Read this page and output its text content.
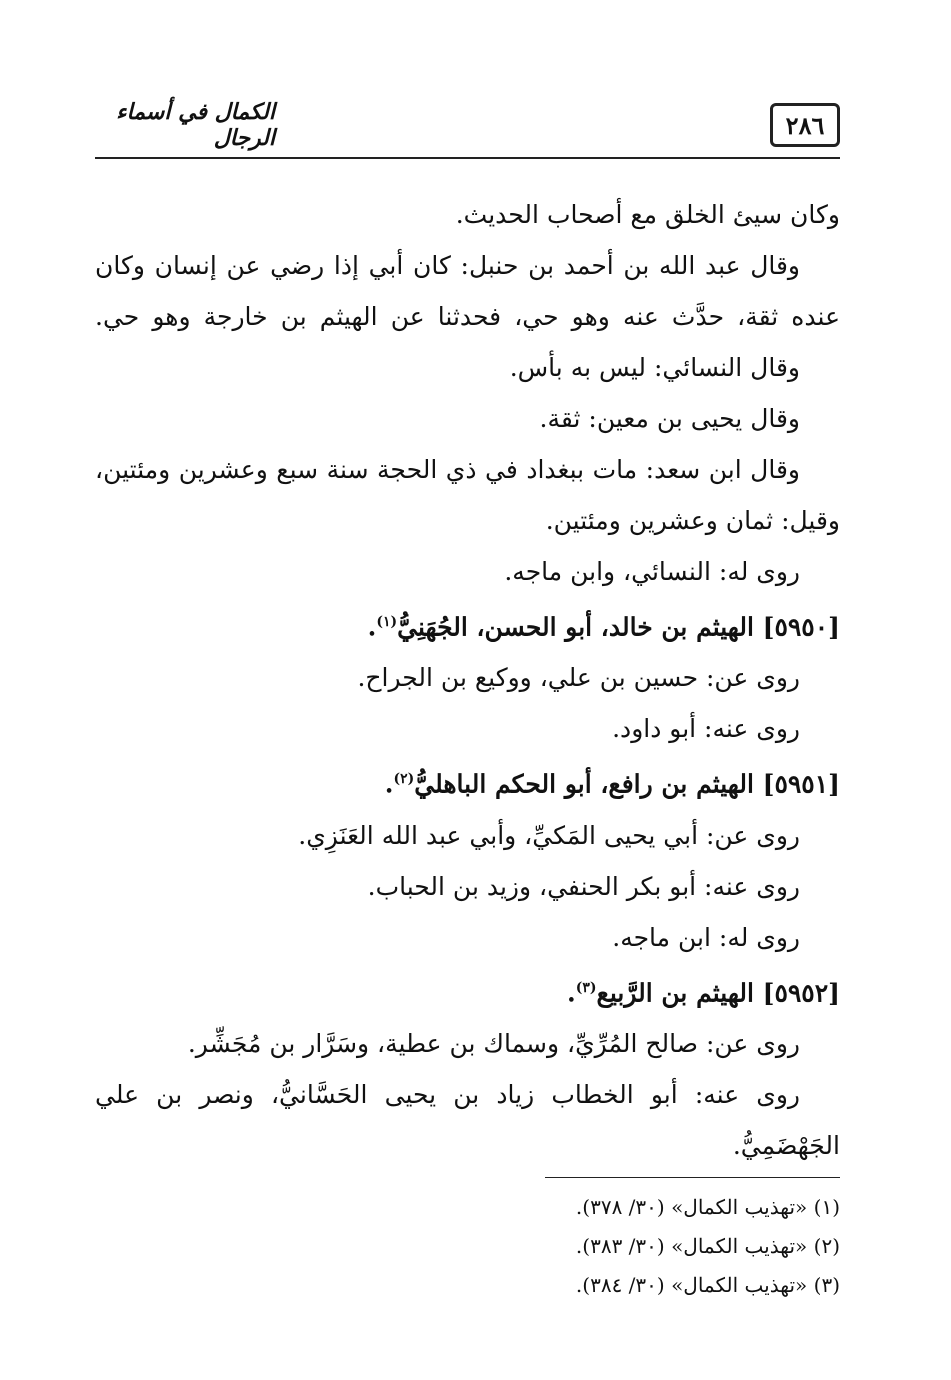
٢٨٦
الكمال في أسماء الرجال
وكان سيئ الخلق مع أصحاب الحديث.
وقال عبد الله بن أحمد بن حنبل: كان أبي إذا رضي عن إنسان وكان
عنده ثقة، حدَّث عنه وهو حي، فحدثنا عن الهيثم بن خارجة وهو حي.
وقال النسائي: ليس به بأس.
وقال يحيى بن معين: ثقة.
وقال ابن سعد: مات ببغداد في ذي الحجة سنة سبع وعشرين ومئتين،
وقيل: ثمان وعشرين ومئتين.
روى له: النسائي، وابن ماجه.
[٥٩٥٠] الهيثم بن خالد، أبو الحسن، الجُهَنِيُّ$^{(١)}$.
روى عن: حسين بن علي، ووكيع بن الجراح.
روى عنه: أبو داود.
[٥٩٥١] الهيثم بن رافع، أبو الحكم الباهليُّ$^{(٢)}$.
روى عن: أبي يحيى المَكيِّ، وأبي عبد الله العَنَزِي.
روى عنه: أبو بكر الحنفي، وزيد بن الحباب.
روى له: ابن ماجه.
[٥٩٥٢] الهيثم بن الرَّبيع$^{(٣)}$.
روى عن: صالح المُرِّيِّ، وسماك بن عطية، وسَرَّار بن مُجَشِّر.
روى عنه: أبو الخطاب زياد بن يحيى الحَسَّانيُّ، ونصر بن علي
الجَهْضَمِيُّ.
(١) «تهذيب الكمال» (٣٠/ ٣٧٨).
(٢) «تهذيب الكمال» (٣٠/ ٣٨٣).
(٣) «تهذيب الكمال» (٣٠/ ٣٨٤).
